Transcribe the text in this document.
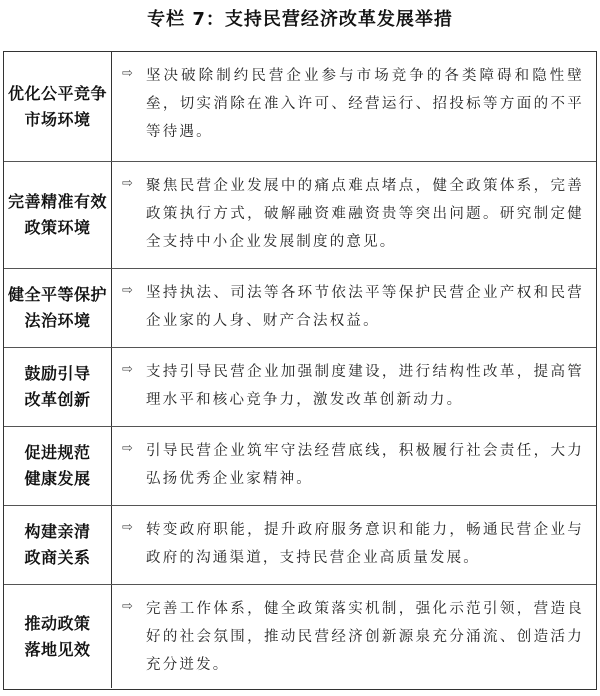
专栏 7：支持民营经济改革发展举措
优化公平竞争
市场环境
⇨ 坚决破除制约民营企业参与市场竞争的各类障碍和隐性壁垒，切实消除在准入许可、经营运行、招投标等方面的不平等待遇。
完善精准有效
政策环境
⇨ 聚焦民营企业发展中的痛点难点堵点，健全政策体系，完善政策执行方式，破解融资难融资贵等突出问题。研究制定健全支持中小企业发展制度的意见。
健全平等保护
法治环境
⇨ 坚持执法、司法等各环节依法平等保护民营企业产权和民营企业家的人身、财产合法权益。
鼓励引导
改革创新
⇨ 支持引导民营企业加强制度建设，进行结构性改革，提高管理水平和核心竞争力，激发改革创新动力。
促进规范
健康发展
⇨ 引导民营企业筑牢守法经营底线，积极履行社会责任，大力弘扬优秀企业家精神。
构建亲清
政商关系
⇨ 转变政府职能，提升政府服务意识和能力，畅通民营企业与政府的沟通渠道，支持民营企业高质量发展。
推动政策
落地见效
⇨ 完善工作体系，健全政策落实机制，强化示范引领，营造良好的社会氛围，推动民营经济创新源泉充分涌流、创造活力充分迸发。
